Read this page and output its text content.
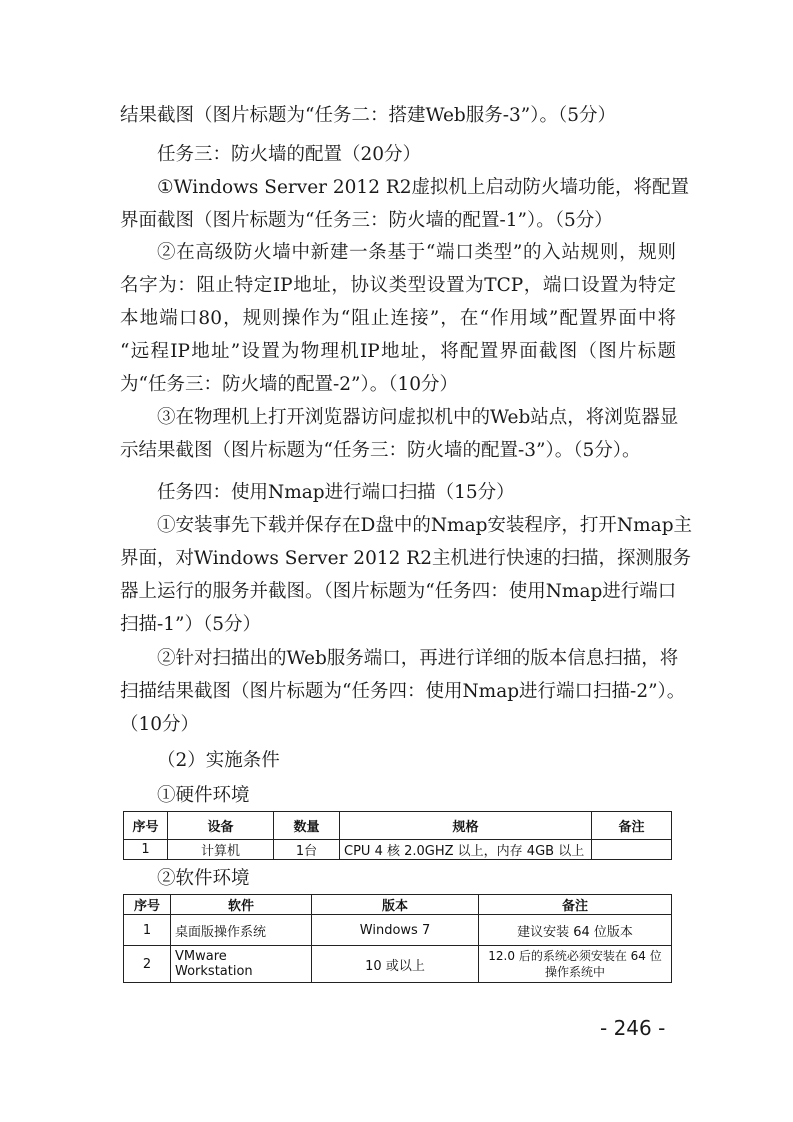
结果截图（图片标题为“任务二：搭建Web服务-3”）。（5分）
任务三：防火墙的配置（20分）
①Windows Server 2012 R2虚拟机上启动防火墙功能，将配置
界面截图（图片标题为“任务三：防火墙的配置-1”）。（5分）
②在高级防火墙中新建一条基于“端口类型”的入站规则，规则
名字为：阻止特定IP地址，协议类型设置为TCP，端口设置为特定
本地端口80，规则操作为“阻止连接”，在“作用域”配置界面中将
“远程IP地址”设置为物理机IP地址，将配置界面截图（图片标题
为“任务三：防火墙的配置-2”）。（10分）
③在物理机上打开浏览器访问虚拟机中的Web站点，将浏览器显
示结果截图（图片标题为“任务三：防火墙的配置-3”）。（5分）。
任务四：使用Nmap进行端口扫描（15分）
①安装事先下载并保存在D盘中的Nmap安装程序，打开Nmap主
界面，对Windows Server 2012 R2主机进行快速的扫描，探测服务
器上运行的服务并截图。（图片标题为“任务四：使用Nmap进行端口
扫描-1”）（5分）
②针对扫描出的Web服务端口，再进行详细的版本信息扫描，将
扫描结果截图（图片标题为“任务四：使用Nmap进行端口扫描-2”）。
（10分）
（2）实施条件
①硬件环境
序号	设备	数量	规格	备注
1	计算机	1台	CPU 4 核 2.0GHZ 以上，内存 4GB 以上	
②软件环境
序号	软件	版本	备注
1	桌面版操作系统	Windows 7	建议安装 64 位版本
2	VMware Workstation	10 或以上	12.0 后的系统必须安装在 64 位操作系统中
- 246 -
